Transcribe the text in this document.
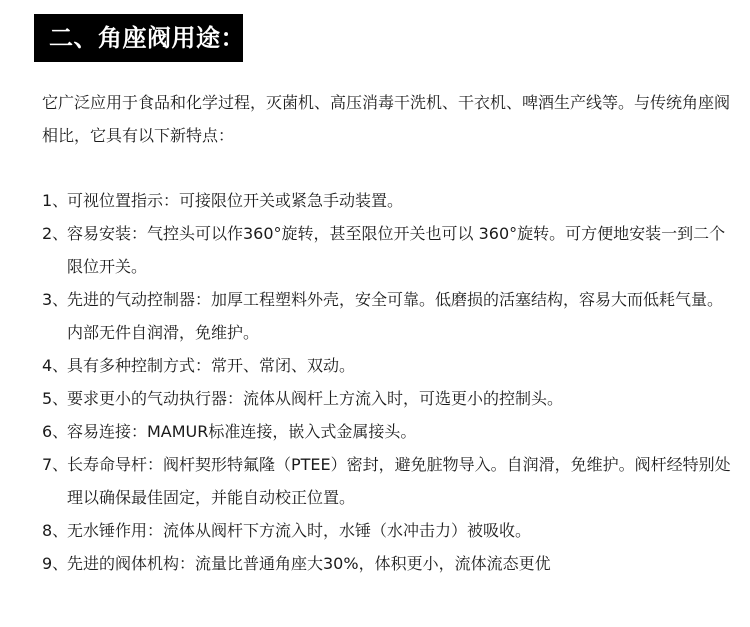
二、角座阀用途：

它广泛应用于食品和化学过程，灭菌机、高压消毒干洗机、干衣机、啤酒生产线等。与传统角座阀相比，它具有以下新特点：

1、
可视位置指示：可接限位开关或紧急手动装置。
2、
容易安装：气控头可以作360°旋转，甚至限位开关也可以 360°旋转。可方便地安装一到二个限位开关。
3、
先进的气动控制器：加厚工程塑料外壳，安全可靠。低磨损的活塞结构，容易大而低耗气量。内部无件自润滑，免维护。
4、
具有多种控制方式：常开、常闭、双动。
5、
要求更小的气动执行器：流体从阀杆上方流入时，可选更小的控制头。
6、
容易连接：MAMUR标准连接，嵌入式金属接头。
7、
长寿命导杆：阀杆契形特氟隆（PTEE）密封，避免脏物导入。自润滑，免维护。阀杆经特别处理以确保最佳固定，并能自动校正位置。
8、
无水锤作用：流体从阀杆下方流入时，水锤（水冲击力）被吸收。
9、
先进的阀体机构：流量比普通角座大30%，体积更小，流体流态更优
